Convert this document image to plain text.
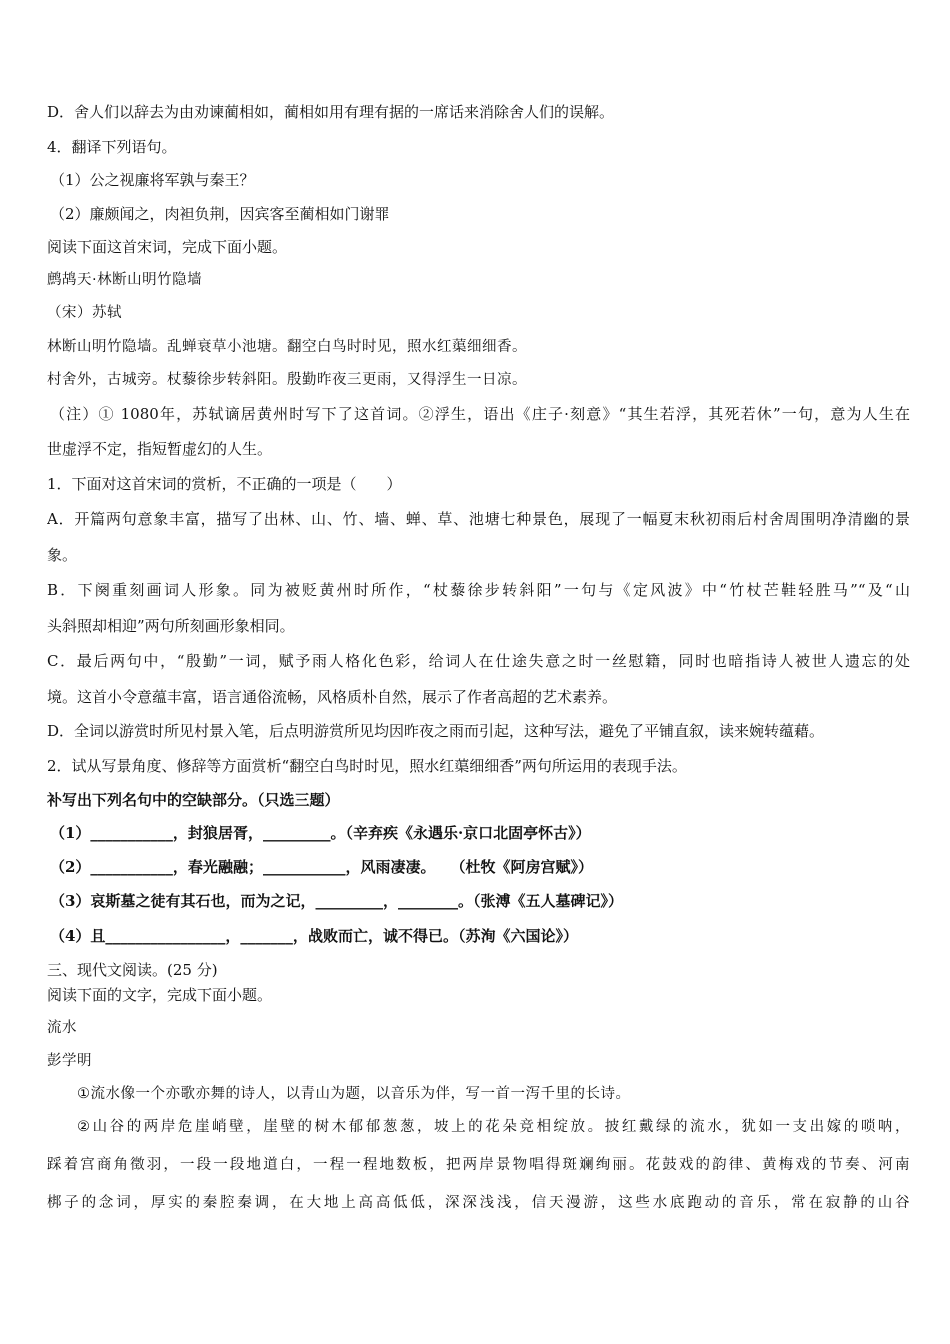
D．舍人们以辞去为由劝谏蔺相如，蔺相如用有理有据的一席话来消除舍人们的误解。
4．翻译下列语句。
（1）公之视廉将军孰与秦王？
（2）廉颇闻之，肉袒负荆，因宾客至蔺相如门谢罪
阅读下面这首宋词，完成下面小题。
鹧鸪天·林断山明竹隐墙
（宋）苏轼
林断山明竹隐墙。乱蝉衰草小池塘。翻空白鸟时时见，照水红蕖细细香。
村舍外，古城旁。杖藜徐步转斜阳。殷勤昨夜三更雨，又得浮生一日凉。
（注）① 1080年，苏轼谪居黄州时写下了这首词。②浮生，语出《庄子·刻意》“其生若浮，其死若休”一句，意为人生在
世虚浮不定，指短暂虚幻的人生。
1．下面对这首宋词的赏析，不正确的一项是（　　）
A．开篇两句意象丰富，描写了出林、山、竹、墙、蝉、草、池塘七种景色，展现了一幅夏末秋初雨后村舍周围明净清幽的景
象。
B．下阕重刻画词人形象。同为被贬黄州时所作，“杖藜徐步转斜阳”一句与《定风波》中“竹杖芒鞋轻胜马”“及“山
头斜照却相迎”两句所刻画形象相同。
C．最后两句中，“殷勤”一词，赋予雨人格化色彩，给词人在仕途失意之时一丝慰籍，同时也暗指诗人被世人遗忘的处
境。这首小令意蕴丰富，语言通俗流畅，风格质朴自然，展示了作者高超的艺术素养。
D．全词以游赏时所见村景入笔，后点明游赏所见均因昨夜之雨而引起，这种写法，避免了平铺直叙，读来婉转蕴藉。
2．试从写景角度、修辞等方面赏析“翻空白鸟时时见，照水红蕖细细香”两句所运用的表现手法。
补写出下列名句中的空缺部分。（只选三题）
（1）___________，封狼居胥，_________。（辛弃疾《永遇乐·京口北固亭怀古》）
（2）___________，春光融融；___________，风雨凄凄。　　（杜牧《阿房宫赋》）
（3）哀斯墓之徒有其石也，而为之记，_________，________。（张溥《五人墓碑记》）
（4）且________________，_______，战败而亡，诚不得已。（苏洵《六国论》）
三、现代文阅读。(25 分)
阅读下面的文字，完成下面小题。
流水
彭学明
①流水像一个亦歌亦舞的诗人，以青山为题，以音乐为伴，写一首一泻千里的长诗。
②山谷的两岸危崖峭壁，崖壁的树木郁郁葱葱，坡上的花朵竞相绽放。披红戴绿的流水，犹如一支出嫁的唢呐，
踩着宫商角徵羽，一段一段地道白，一程一程地数板，把两岸景物唱得斑斓绚丽。花鼓戏的韵律、黄梅戏的节奏、河南
梆子的念词，厚实的秦腔秦调，在大地上高高低低，深深浅浅，信天漫游，这些水底跑动的音乐，常在寂静的山谷
